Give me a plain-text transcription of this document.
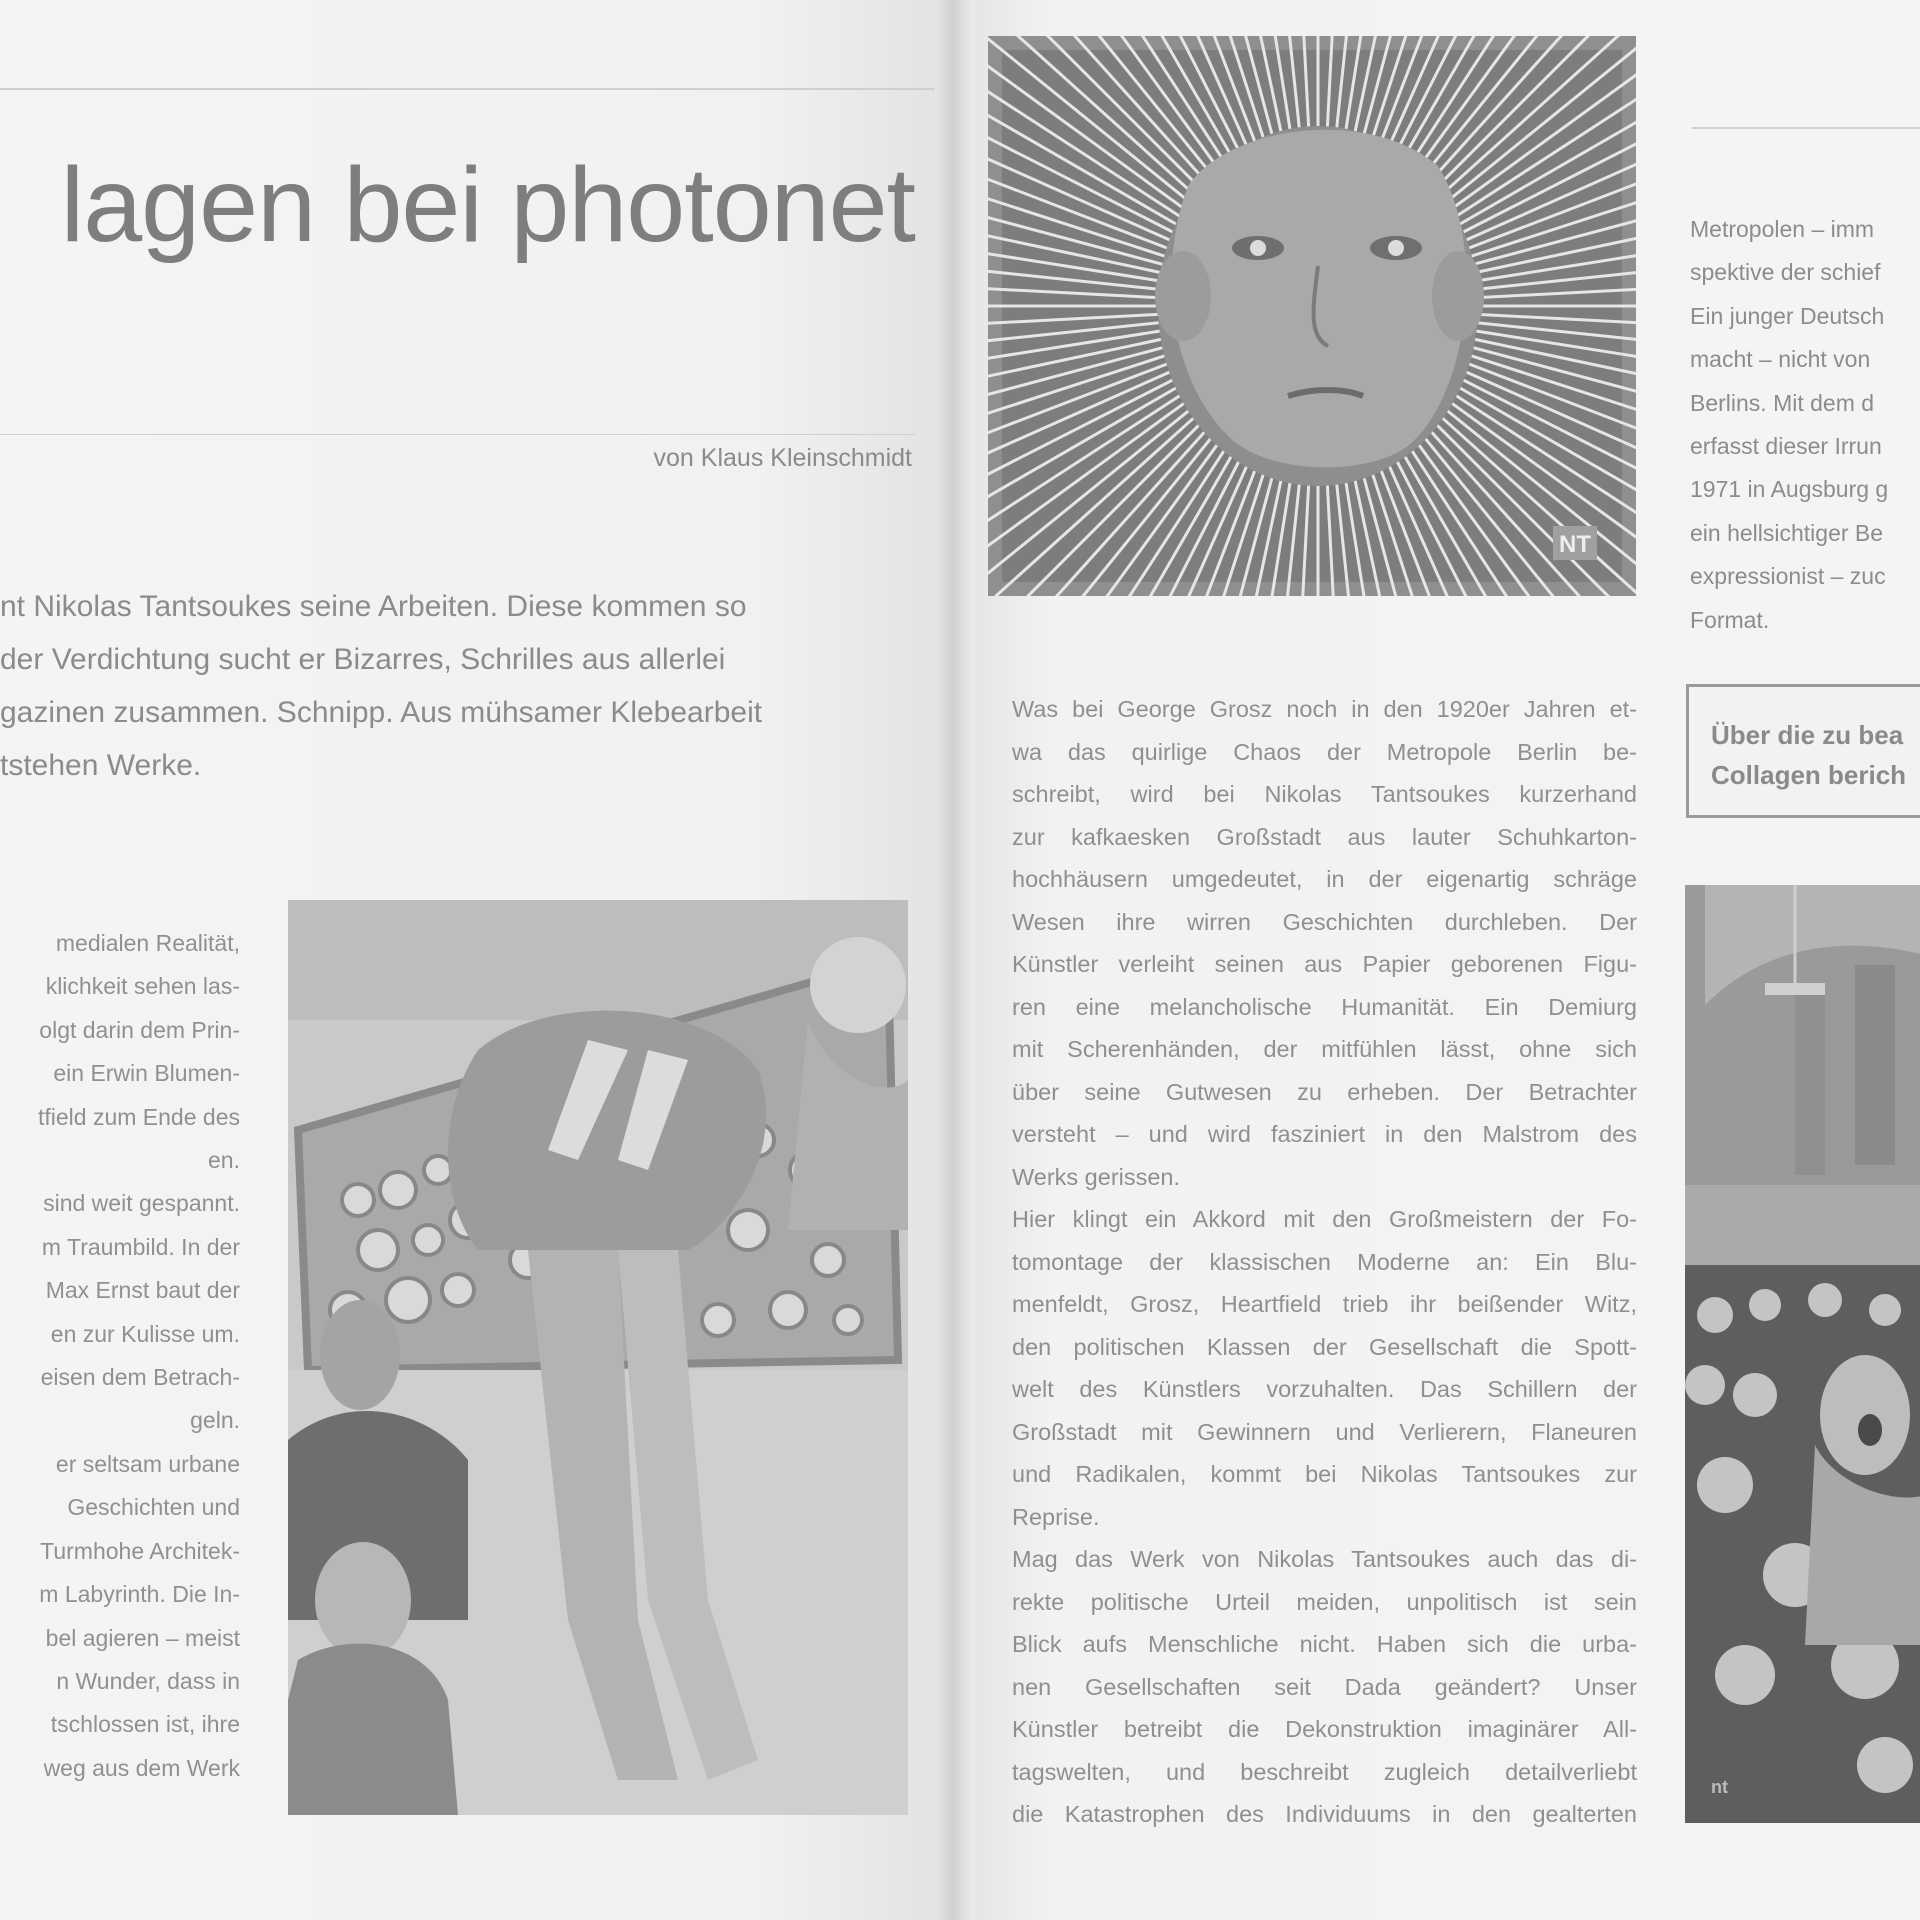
lagen bei photonet
von Klaus Kleinschmidt

nt Nikolas Tantsoukes seine Arbeiten. Diese kommen so

der Verdichtung sucht er Bizarres, Schrilles aus allerlei

gazinen zusammen. Schnipp. Aus mühsamer Klebearbeit

tstehen Werke.

medialen Realität,

klichkeit sehen las-

olgt darin dem Prin-

ein Erwin Blumen-

tfield zum Ende des

en.

sind weit gespannt.

m Traumbild. In der

Max Ernst baut der

en zur Kulisse um.

eisen dem Betrach-

geln.

er seltsam urbane

Geschichten und

Turmhohe Architek-

m Labyrinth. Die In-

bel agieren – meist

n Wunder, dass in

tschlossen ist, ihre

weg aus dem Werk

NT

Was bei George Grosz noch in den 1920er Jahren et-

wa das quirlige Chaos der Metropole Berlin be-

schreibt, wird bei Nikolas Tantsoukes kurzerhand

zur kafkaesken Großstadt aus lauter Schuhkarton-

hochhäusern umgedeutet, in der eigenartig schräge

Wesen ihre wirren Geschichten durchleben. Der

Künstler verleiht seinen aus Papier geborenen Figu-

ren eine melancholische Humanität. Ein Demiurg

mit Scherenhänden, der mitfühlen lässt, ohne sich

über seine Gutwesen zu erheben. Der Betrachter

versteht – und wird fasziniert in den Malstrom des

Werks gerissen.

Hier klingt ein Akkord mit den Großmeistern der Fo-

tomontage der klassischen Moderne an: Ein Blu-

menfeldt, Grosz, Heartfield trieb ihr beißender Witz,

den politischen Klassen der Gesellschaft die Spott-

welt des Künstlers vorzuhalten. Das Schillern der

Großstadt mit Gewinnern und Verlierern, Flaneuren

und Radikalen, kommt bei Nikolas Tantsoukes zur

Reprise.

Mag das Werk von Nikolas Tantsoukes auch das di-

rekte politische Urteil meiden, unpolitisch ist sein

Blick aufs Menschliche nicht. Haben sich die urba-

nen Gesellschaften seit Dada geändert? Unser

Künstler betreibt die Dekonstruktion imaginärer All-

tagswelten, und beschreibt zugleich detailverliebt

die Katastrophen des Individuums in den gealterten

Metropolen – imm

spektive der schief

Ein junger Deutsch

macht – nicht von

Berlins. Mit dem d

erfasst dieser Irrun

1971 in Augsburg g

ein hellsichtiger Be

expressionist – zuc

Format.

Über die zu bea

Collagen berich

nt
